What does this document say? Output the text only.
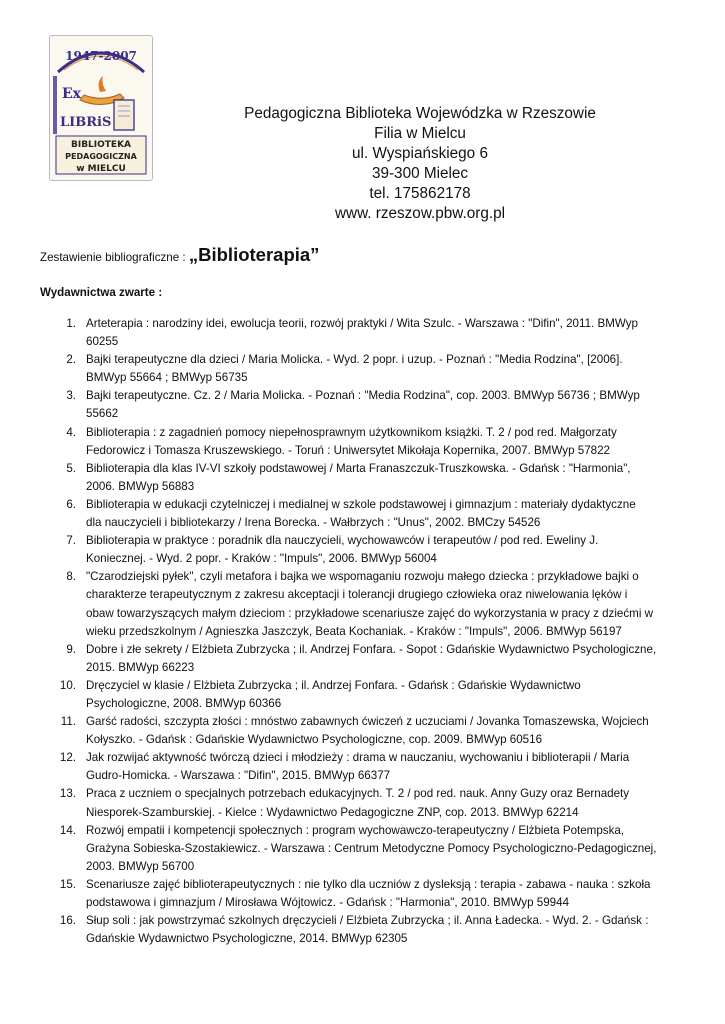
1947-2007
Ex
LIBRiS
BIBLIOTEKA
PEDAGOGICZNA
w MIELCU
Pedagogiczna Biblioteka Wojewódzka w Rzeszowie
Filia w Mielcu
ul. Wyspiańskiego 6
39-300 Mielec
tel. 175862178
www. rzeszow.pbw.org.pl
Zestawienie bibliograficzne : „Biblioterapia”
Wydawnictwa zwarte :
1. Arteterapia : narodziny idei, ewolucja teorii, rozwój praktyki / Wita Szulc. - Warszawa : "Difin", 2011. BMWyp
60255
2. Bajki terapeutyczne dla dzieci / Maria Molicka. - Wyd. 2 popr. i uzup. - Poznań : "Media Rodzina", [2006].
BMWyp 55664 ; BMWyp 56735
3. Bajki terapeutyczne. Cz. 2 / Maria Molicka. - Poznań : "Media Rodzina", cop. 2003. BMWyp 56736 ; BMWyp
55662
4. Biblioterapia : z zagadnień pomocy niepełnosprawnym użytkownikom książki. T. 2 / pod red. Małgorzaty
Fedorowicz i Tomasza Kruszewskiego. - Toruń : Uniwersytet Mikołaja Kopernika, 2007. BMWyp 57822
5. Biblioterapia dla klas IV-VI szkoły podstawowej / Marta Franaszczuk-Truszkowska. - Gdańsk : "Harmonia",
2006. BMWyp 56883
6. Biblioterapia w edukacji czytelniczej i medialnej w szkole podstawowej i gimnazjum : materiały dydaktyczne
dla nauczycieli i bibliotekarzy / Irena Borecka. - Wałbrzych : "Unus", 2002. BMCzy 54526
7. Biblioterapia w praktyce : poradnik dla nauczycieli, wychowawców i terapeutów / pod red. Eweliny J.
Koniecznej. - Wyd. 2 popr. - Kraków : "Impuls", 2006. BMWyp 56004
8. "Czarodziejski pyłek", czyli metafora i bajka we wspomaganiu rozwoju małego dziecka : przykładowe bajki o
charakterze terapeutycznym z zakresu akceptacji i tolerancji drugiego człowieka oraz niwelowania lęków i
obaw towarzyszących małym dzieciom : przykładowe scenariusze zajęć do wykorzystania w pracy z dziećmi w
wieku przedszkolnym / Agnieszka Jaszczyk, Beata Kochaniak. - Kraków : "Impuls", 2006. BMWyp 56197
9. Dobre i złe sekrety / Elżbieta Zubrzycka ; il. Andrzej Fonfara. - Sopot : Gdańskie Wydawnictwo Psychologiczne,
2015. BMWyp 66223
10. Dręczyciel w klasie / Elżbieta Zubrzycka ; il. Andrzej Fonfara. - Gdańsk : Gdańskie Wydawnictwo
Psychologiczne, 2008. BMWyp 60366
11. Garść radości, szczypta złości : mnóstwo zabawnych ćwiczeń z uczuciami / Jovanka Tomaszewska, Wojciech
Kołyszko. - Gdańsk : Gdańskie Wydawnictwo Psychologiczne, cop. 2009. BMWyp 60516
12. Jak rozwijać aktywność twórczą dzieci i młodzieży : drama w nauczaniu, wychowaniu i biblioterapii / Maria
Gudro-Homicka. - Warszawa : "Difin", 2015. BMWyp 66377
13. Praca z uczniem o specjalnych potrzebach edukacyjnych. T. 2 / pod red. nauk. Anny Guzy oraz Bernadety
Niesporek-Szamburskiej. - Kielce : Wydawnictwo Pedagogiczne ZNP, cop. 2013. BMWyp 62214
14. Rozwój empatii i kompetencji społecznych : program wychowawczo-terapeutyczny / Elżbieta Potempska,
Grażyna Sobieska-Szostakiewicz. - Warszawa : Centrum Metodyczne Pomocy Psychologiczno-Pedagogicznej,
2003. BMWyp 56700
15. Scenariusze zajęć biblioterapeutycznych : nie tylko dla uczniów z dysleksją : terapia - zabawa - nauka : szkoła
podstawowa i gimnazjum / Mirosława Wójtowicz. - Gdańsk : "Harmonia", 2010. BMWyp 59944
16. Słup soli : jak powstrzymać szkolnych dręczycieli / Elżbieta Zubrzycka ; il. Anna Ładecka. - Wyd. 2. - Gdańsk :
Gdańskie Wydawnictwo Psychologiczne, 2014. BMWyp 62305
